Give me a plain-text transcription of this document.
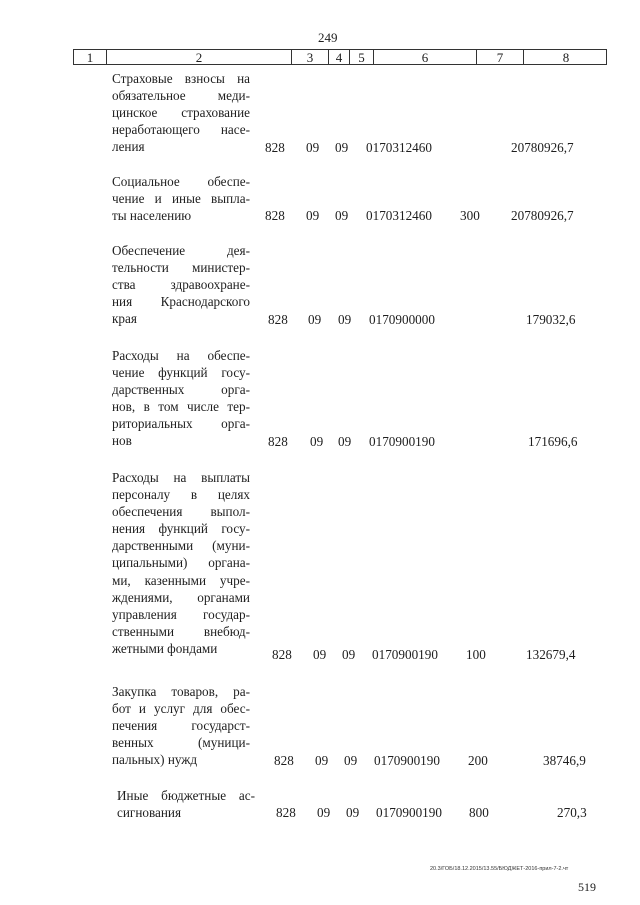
249
1	2	3	4	5	6	7	8
Страховые взносы на
обязательное меди-
цинское страхование
неработающего насе-
ления	828 09 09 0170312460	20780926,7
Социальное обеспе-
чение и иные выпла-
ты населению	828 09 09 0170312460 300 20780926,7
Обеспечение дея-
тельности министер-
ства здравоохране-
ния Краснодарского
края	828 09 09 0170900000	179032,6
Расходы на обеспе-
чение функций госу-
дарственных орга-
нов, в том числе тер-
риториальных орга-
нов	828 09 09 0170900190	171696,6
Расходы на выплаты
персоналу в целях
обеспечения выпол-
нения функций госу-
дарственными (муни-
ципальными) органа-
ми, казенными учре-
ждениями, органами
управления государ-
ственными внебюд-
жетными фондами	828 09 09 0170900190 100	132679,4
Закупка товаров, ра-
бот и услуг для обес-
печения государст-
венных (муници-
пальных) нужд	828 09 09 0170900190 200	38746,9
Иные бюджетные ас-
сигнования	828 09 09 0170900190 800	270,3
20.3/ГОБ/18.12.2015/13.55/БЮДЖЕТ-2016-прил-7-2.чт
519
